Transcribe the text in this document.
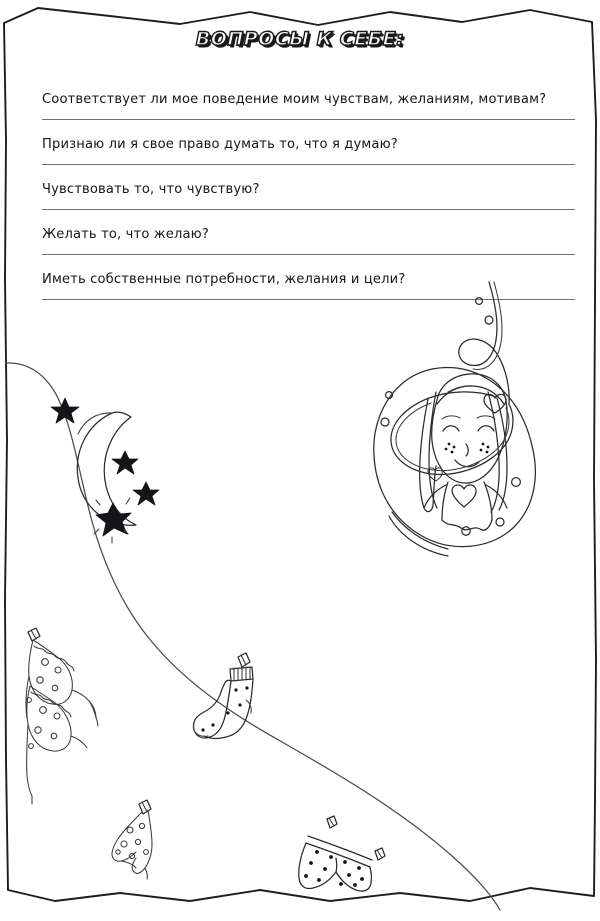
ВОПРОСЫ К СЕБЕ:
Соответствует ли мое поведение моим чувствам, желаниям, мотивам?
Признаю ли я свое право думать то, что я думаю?
Чувствовать то, что чувствую?
Желать то, что желаю?
Иметь собственные потребности, желания и цели?
